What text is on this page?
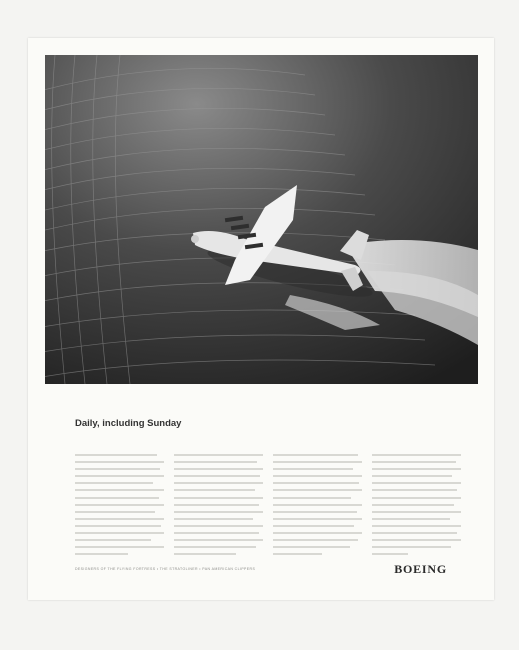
Daily, including Sunday
DESIGNERS OF THE FLYING FORTRESS • THE STRATOLINER • PAN AMERICAN CLIPPERS	BOEING
